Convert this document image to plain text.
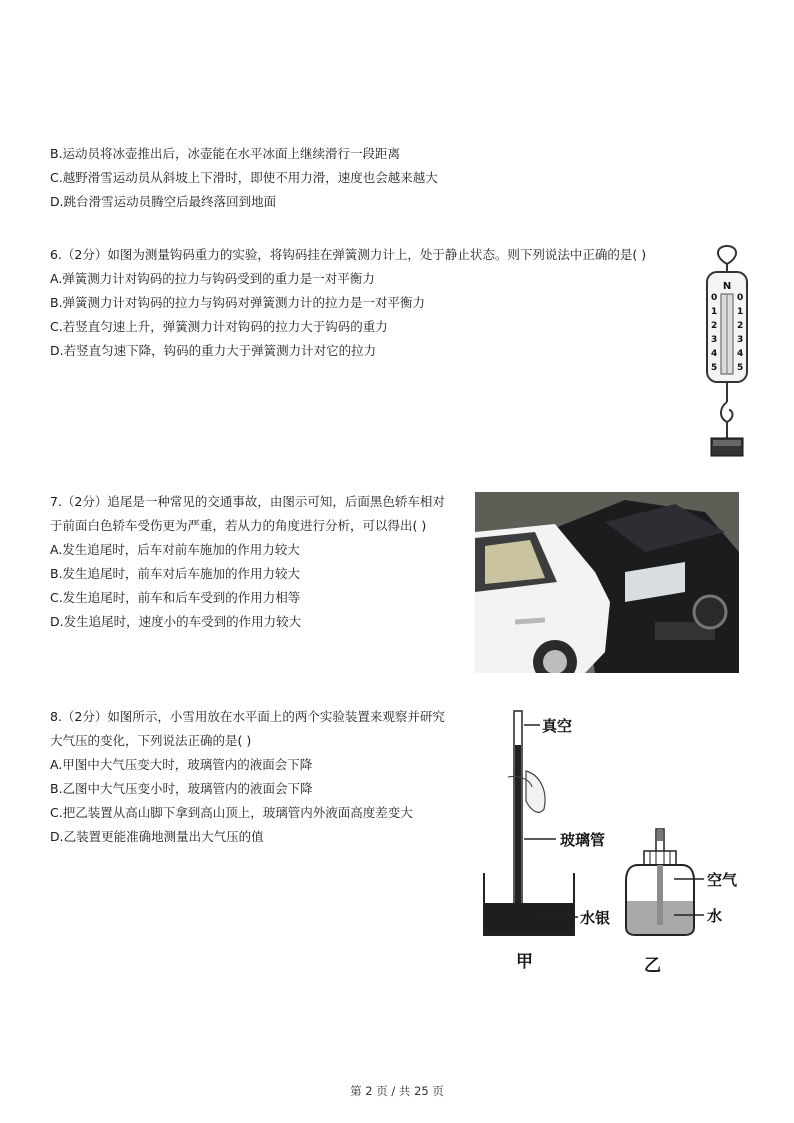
B.运动员将冰壶推出后，冰壶能在水平冰面上继续滑行一段距离
C.越野滑雪运动员从斜坡上下滑时，即使不用力滑，速度也会越来越大
D.跳台滑雪运动员腾空后最终落回到地面
6.（2分）如图为测量钩码重力的实验，将钩码挂在弹簧测力计上，处于静止状态。则下列说法中正确的是( )
A.弹簧测力计对钩码的拉力与钩码受到的重力是一对平衡力
B.弹簧测力计对钩码的拉力与钩码对弹簧测力计的拉力是一对平衡力
C.若竖直匀速上升，弹簧测力计对钩码的拉力大于钩码的重力
D.若竖直匀速下降，钩码的重力大于弹簧测力计对它的拉力
N
0
1
2
3
4
5
0
1
2
3
4
5
7.（2分）追尾是一种常见的交通事故，由图示可知，后面黑色轿车相对
于前面白色轿车受伤更为严重，若从力的角度进行分析，可以得出( )
A.发生追尾时，后车对前车施加的作用力较大
B.发生追尾时，前车对后车施加的作用力较大
C.发生追尾时，前车和后车受到的作用力相等
D.发生追尾时，速度小的车受到的作用力较大
8.（2分）如图所示，小雪用放在水平面上的两个实验装置来观察并研究
大气压的变化，下列说法正确的是( )
A.甲图中大气压变大时，玻璃管内的液面会下降
B.乙图中大气压变小时，玻璃管内的液面会下降
C.把乙装置从高山脚下拿到高山顶上，玻璃管内外液面高度差变大
D.乙装置更能准确地测量出大气压的值
真空
玻璃管
水银
甲
空气
水
乙
第 2 页 / 共 25 页
